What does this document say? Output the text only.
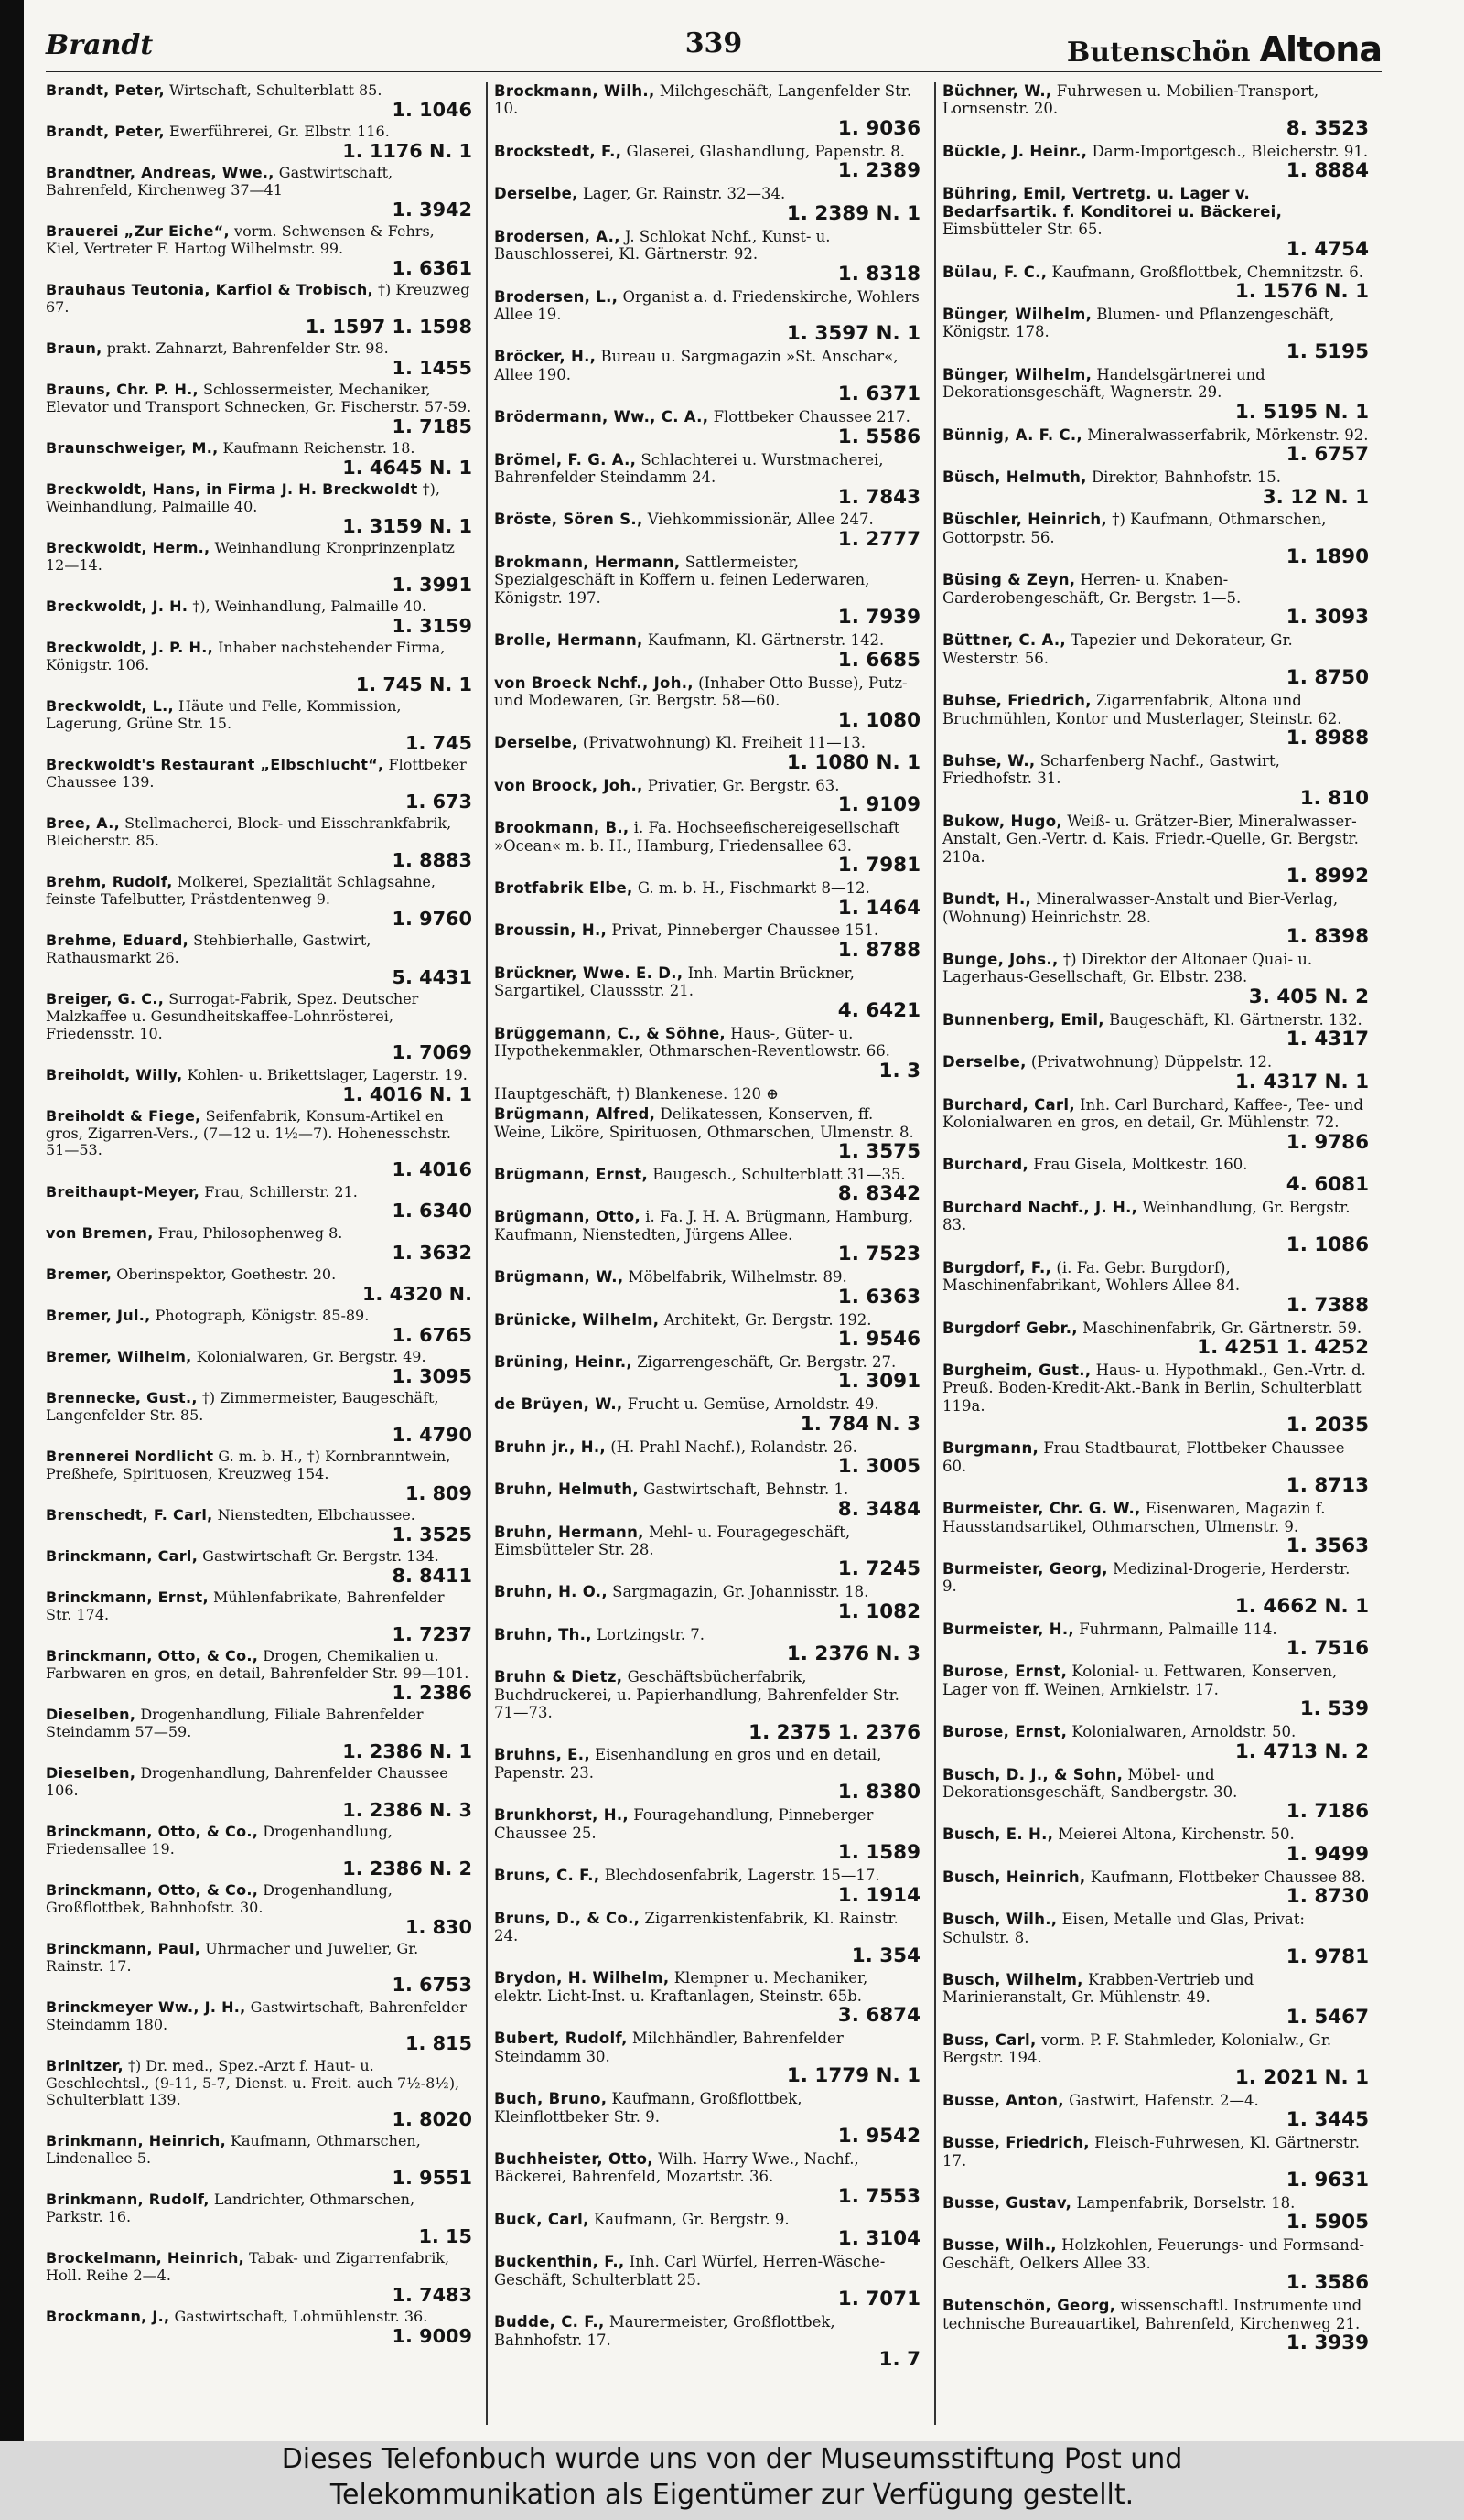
Brandt	339	Butenschön Altona
Brandt, Peter, Wirtschaft, Schulterblatt 85.
1. 1046
Brandt, Peter, Ewerführerei, Gr. Elbstr. 116.
1. 1176 N. 1
Brandtner, Andreas, Wwe., Gastwirtschaft, Bahrenfeld, Kirchenweg 37—41
1. 3942
Brauerei „Zur Eiche“, vorm. Schwensen & Fehrs, Kiel, Vertreter F. Hartog Wilhelmstr. 99.
1. 6361
Brauhaus Teutonia, Karfiol & Trobisch, †) Kreuzweg 67.
1. 1597 1. 1598
Braun, prakt. Zahnarzt, Bahrenfelder Str. 98.
1. 1455
Brauns, Chr. P. H., Schlossermeister, Mechaniker, Elevator und Transport Schnecken, Gr. Fischerstr. 57-59.
1. 7185
Braunschweiger, M., Kaufmann Reichenstr. 18.
1. 4645 N. 1
Breckwoldt, Hans, in Firma J. H. Breckwoldt †), Weinhandlung, Palmaille 40.
1. 3159 N. 1
Breckwoldt, Herm., Weinhandlung Kronprinzenplatz 12—14.
1. 3991
Breckwoldt, J. H. †), Weinhandlung, Palmaille 40.
1. 3159
Breckwoldt, J. P. H., Inhaber nachstehender Firma, Königstr. 106.
1. 745 N. 1
Breckwoldt, L., Häute und Felle, Kommission, Lagerung, Grüne Str. 15.
1. 745
Breckwoldt's Restaurant „Elbschlucht“, Flottbeker Chaussee 139.
1. 673
Bree, A., Stellmacherei, Block- und Eisschrankfabrik, Bleicherstr. 85.
1. 8883
Brehm, Rudolf, Molkerei, Spezialität Schlagsahne, feinste Tafelbutter, Prästdentenweg 9.
1. 9760
Brehme, Eduard, Stehbierhalle, Gastwirt, Rathausmarkt 26.
5. 4431
Breiger, G. C., Surrogat-Fabrik, Spez. Deutscher Malzkaffee u. Gesundheitskaffee-Lohnrösterei, Friedensstr. 10.
1. 7069
Breiholdt, Willy, Kohlen- u. Brikettslager, Lagerstr. 19.
1. 4016 N. 1
Breiholdt & Fiege, Seifenfabrik, Konsum-Artikel en gros, Zigarren-Vers., (7—12 u. 1½—7). Hohenesschstr. 51—53.
1. 4016
Breithaupt-Meyer, Frau, Schillerstr. 21.
1. 6340
von Bremen, Frau, Philosophenweg 8.
1. 3632
Bremer, Oberinspektor, Goethestr. 20.
1. 4320 N.
Bremer, Jul., Photograph, Königstr. 85-89.
1. 6765
Bremer, Wilhelm, Kolonialwaren, Gr. Bergstr. 49.
1. 3095
Brennecke, Gust., †) Zimmermeister, Baugeschäft, Langenfelder Str. 85.
1. 4790
Brennerei Nordlicht G. m. b. H., †) Kornbranntwein, Preßhefe, Spirituosen, Kreuzweg 154.
1. 809
Brenschedt, F. Carl, Nienstedten, Elbchaussee.
1. 3525
Brinckmann, Carl, Gastwirtschaft Gr. Bergstr. 134.
8. 8411
Brinckmann, Ernst, Mühlenfabrikate, Bahrenfelder Str. 174.
1. 7237
Brinckmann, Otto, & Co., Drogen, Chemikalien u. Farbwaren en gros, en detail, Bahrenfelder Str. 99—101.
1. 2386
Dieselben, Drogenhandlung, Filiale Bahrenfelder Steindamm 57—59.
1. 2386 N. 1
Dieselben, Drogenhandlung, Bahrenfelder Chaussee 106.
1. 2386 N. 3
Brinckmann, Otto, & Co., Drogenhandlung, Friedensallee 19.
1. 2386 N. 2
Brinckmann, Otto, & Co., Drogenhandlung, Großflottbek, Bahnhofstr. 30.
1. 830
Brinckmann, Paul, Uhrmacher und Juwelier, Gr. Rainstr. 17.
1. 6753
Brinckmeyer Ww., J. H., Gastwirtschaft, Bahrenfelder Steindamm 180.
1. 815
Brinitzer, †) Dr. med., Spez.-Arzt f. Haut- u. Geschlechtsl., (9-11, 5-7, Dienst. u. Freit. auch 7½-8½), Schulterblatt 139.
1. 8020
Brinkmann, Heinrich, Kaufmann, Othmarschen, Lindenallee 5.
1. 9551
Brinkmann, Rudolf, Landrichter, Othmarschen, Parkstr. 16.
1. 15
Brockelmann, Heinrich, Tabak- und Zigarrenfabrik, Holl. Reihe 2—4.
1. 7483
Brockmann, J., Gastwirtschaft, Lohmühlenstr. 36.
1. 9009
Brockmann, Wilh., Milchgeschäft, Langenfelder Str. 10.
1. 9036
Brockstedt, F., Glaserei, Glashandlung, Papenstr. 8.
1. 2389
Derselbe, Lager, Gr. Rainstr. 32—34.
1. 2389 N. 1
Brodersen, A., J. Schlokat Nchf., Kunst- u. Bauschlosserei, Kl. Gärtnerstr. 92.
1. 8318
Brodersen, L., Organist a. d. Friedenskirche, Wohlers Allee 19.
1. 3597 N. 1
Bröcker, H., Bureau u. Sargmagazin »St. Anschar«, Allee 190.
1. 6371
Brödermann, Ww., C. A., Flottbeker Chaussee 217.
1. 5586
Brömel, F. G. A., Schlachterei u. Wurstmacherei, Bahrenfelder Steindamm 24.
1. 7843
Bröste, Sören S., Viehkommissionär, Allee 247.
1. 2777
Brokmann, Hermann, Sattlermeister, Spezialgeschäft in Koffern u. feinen Lederwaren, Königstr. 197.
1. 7939
Brolle, Hermann, Kaufmann, Kl. Gärtnerstr. 142.
1. 6685
von Broeck Nchf., Joh., (Inhaber Otto Busse), Putz- und Modewaren, Gr. Bergstr. 58—60.
1. 1080
Derselbe, (Privatwohnung) Kl. Freiheit 11—13.
1. 1080 N. 1
von Broock, Joh., Privatier, Gr. Bergstr. 63.
1. 9109
Brookmann, B., i. Fa. Hochseefischereigesellschaft »Ocean« m. b. H., Hamburg, Friedensallee 63.
1. 7981
Brotfabrik Elbe, G. m. b. H., Fischmarkt 8—12.
1. 1464
Broussin, H., Privat, Pinneberger Chaussee 151.
1. 8788
Brückner, Wwe. E. D., Inh. Martin Brückner, Sargartikel, Claussstr. 21.
4. 6421
Brüggemann, C., & Söhne, Haus-, Güter- u. Hypothekenmakler, Othmarschen-Reventlowstr. 66.
1. 3
Hauptgeschäft, †) Blankenese. 120 ⊕
Brügmann, Alfred, Delikatessen, Konserven, ff. Weine, Liköre, Spirituosen, Othmarschen, Ulmenstr. 8.
1. 3575
Brügmann, Ernst, Baugesch., Schulterblatt 31—35.
8. 8342
Brügmann, Otto, i. Fa. J. H. A. Brügmann, Hamburg, Kaufmann, Nienstedten, Jürgens Allee.
1. 7523
Brügmann, W., Möbelfabrik, Wilhelmstr. 89.
1. 6363
Brünicke, Wilhelm, Architekt, Gr. Bergstr. 192.
1. 9546
Brüning, Heinr., Zigarrengeschäft, Gr. Bergstr. 27.
1. 3091
de Brüyen, W., Frucht u. Gemüse, Arnoldstr. 49.
1. 784 N. 3
Bruhn jr., H., (H. Prahl Nachf.), Rolandstr. 26.
1. 3005
Bruhn, Helmuth, Gastwirtschaft, Behnstr. 1.
8. 3484
Bruhn, Hermann, Mehl- u. Fouragegeschäft, Eimsbütteler Str. 28.
1. 7245
Bruhn, H. O., Sargmagazin, Gr. Johannisstr. 18.
1. 1082
Bruhn, Th., Lortzingstr. 7.
1. 2376 N. 3
Bruhn & Dietz, Geschäftsbücherfabrik, Buchdruckerei, u. Papierhandlung, Bahrenfelder Str. 71—73.
1. 2375 1. 2376
Bruhns, E., Eisenhandlung en gros und en detail, Papenstr. 23.
1. 8380
Brunkhorst, H., Fouragehandlung, Pinneberger Chaussee 25.
1. 1589
Bruns, C. F., Blechdosenfabrik, Lagerstr. 15—17.
1. 1914
Bruns, D., & Co., Zigarrenkistenfabrik, Kl. Rainstr. 24.
1. 354
Brydon, H. Wilhelm, Klempner u. Mechaniker, elektr. Licht-Inst. u. Kraftanlagen, Steinstr. 65b.
3. 6874
Bubert, Rudolf, Milchhändler, Bahrenfelder Steindamm 30.
1. 1779 N. 1
Buch, Bruno, Kaufmann, Großflottbek, Kleinflottbeker Str. 9.
1. 9542
Buchheister, Otto, Wilh. Harry Wwe., Nachf., Bäckerei, Bahrenfeld, Mozartstr. 36.
1. 7553
Buck, Carl, Kaufmann, Gr. Bergstr. 9.
1. 3104
Buckenthin, F., Inh. Carl Würfel, Herren-Wäsche-Geschäft, Schulterblatt 25.
1. 7071
Budde, C. F., Maurermeister, Großflottbek, Bahnhofstr. 17.
1. 7
Büchner, W., Fuhrwesen u. Mobilien-Transport, Lornsenstr. 20.
8. 3523
Bückle, J. Heinr., Darm-Importgesch., Bleicherstr. 91.
1. 8884
Bühring, Emil, Vertretg. u. Lager v. Bedarfsartik. f. Konditorei u. Bäckerei, Eimsbütteler Str. 65.
1. 4754
Bülau, F. C., Kaufmann, Großflottbek, Chemnitzstr. 6.
1. 1576 N. 1
Bünger, Wilhelm, Blumen- und Pflanzengeschäft, Königstr. 178.
1. 5195
Bünger, Wilhelm, Handelsgärtnerei und Dekorationsgeschäft, Wagnerstr. 29.
1. 5195 N. 1
Bünnig, A. F. C., Mineralwasserfabrik, Mörkenstr. 92.
1. 6757
Büsch, Helmuth, Direktor, Bahnhofstr. 15.
3. 12 N. 1
Büschler, Heinrich, †) Kaufmann, Othmarschen, Gottorpstr. 56.
1. 1890
Büsing & Zeyn, Herren- u. Knaben-Garderobengeschäft, Gr. Bergstr. 1—5.
1. 3093
Büttner, C. A., Tapezier und Dekorateur, Gr. Westerstr. 56.
1. 8750
Buhse, Friedrich, Zigarrenfabrik, Altona und Bruchmühlen, Kontor und Musterlager, Steinstr. 62.
1. 8988
Buhse, W., Scharfenberg Nachf., Gastwirt, Friedhofstr. 31.
1. 810
Bukow, Hugo, Weiß- u. Grätzer-Bier, Mineralwasser-Anstalt, Gen.-Vertr. d. Kais. Friedr.-Quelle, Gr. Bergstr. 210a.
1. 8992
Bundt, H., Mineralwasser-Anstalt und Bier-Verlag, (Wohnung) Heinrichstr. 28.
1. 8398
Bunge, Johs., †) Direktor der Altonaer Quai- u. Lagerhaus-Gesellschaft, Gr. Elbstr. 238.
3. 405 N. 2
Bunnenberg, Emil, Baugeschäft, Kl. Gärtnerstr. 132.
1. 4317
Derselbe, (Privatwohnung) Düppelstr. 12.
1. 4317 N. 1
Burchard, Carl, Inh. Carl Burchard, Kaffee-, Tee- und Kolonialwaren en gros, en detail, Gr. Mühlenstr. 72.
1. 9786
Burchard, Frau Gisela, Moltkestr. 160.
4. 6081
Burchard Nachf., J. H., Weinhandlung, Gr. Bergstr. 83.
1. 1086
Burgdorf, F., (i. Fa. Gebr. Burgdorf), Maschinenfabrikant, Wohlers Allee 84.
1. 7388
Burgdorf Gebr., Maschinenfabrik, Gr. Gärtnerstr. 59.
1. 4251 1. 4252
Burgheim, Gust., Haus- u. Hypothmakl., Gen.-Vrtr. d. Preuß. Boden-Kredit-Akt.-Bank in Berlin, Schulterblatt 119a.
1. 2035
Burgmann, Frau Stadtbaurat, Flottbeker Chaussee 60.
1. 8713
Burmeister, Chr. G. W., Eisenwaren, Magazin f. Hausstandsartikel, Othmarschen, Ulmenstr. 9.
1. 3563
Burmeister, Georg, Medizinal-Drogerie, Herderstr. 9.
1. 4662 N. 1
Burmeister, H., Fuhrmann, Palmaille 114.
1. 7516
Burose, Ernst, Kolonial- u. Fettwaren, Konserven, Lager von ff. Weinen, Arnkielstr. 17.
1. 539
Burose, Ernst, Kolonialwaren, Arnoldstr. 50.
1. 4713 N. 2
Busch, D. J., & Sohn, Möbel- und Dekorationsgeschäft, Sandbergstr. 30.
1. 7186
Busch, E. H., Meierei Altona, Kirchenstr. 50.
1. 9499
Busch, Heinrich, Kaufmann, Flottbeker Chaussee 88.
1. 8730
Busch, Wilh., Eisen, Metalle und Glas, Privat: Schulstr. 8.
1. 9781
Busch, Wilhelm, Krabben-Vertrieb und Marinieranstalt, Gr. Mühlenstr. 49.
1. 5467
Buss, Carl, vorm. P. F. Stahmleder, Kolonialw., Gr. Bergstr. 194.
1. 2021 N. 1
Busse, Anton, Gastwirt, Hafenstr. 2—4.
1. 3445
Busse, Friedrich, Fleisch-Fuhrwesen, Kl. Gärtnerstr. 17.
1. 9631
Busse, Gustav, Lampenfabrik, Borselstr. 18.
1. 5905
Busse, Wilh., Holzkohlen, Feuerungs- und Formsand-Geschäft, Oelkers Allee 33.
1. 3586
Butenschön, Georg, wissenschaftl. Instrumente und technische Bureauartikel, Bahrenfeld, Kirchenweg 21.
1. 3939
Dieses Telefonbuch wurde uns von der Museumsstiftung Post und
Telekommunikation als Eigentümer zur Verfügung gestellt.
